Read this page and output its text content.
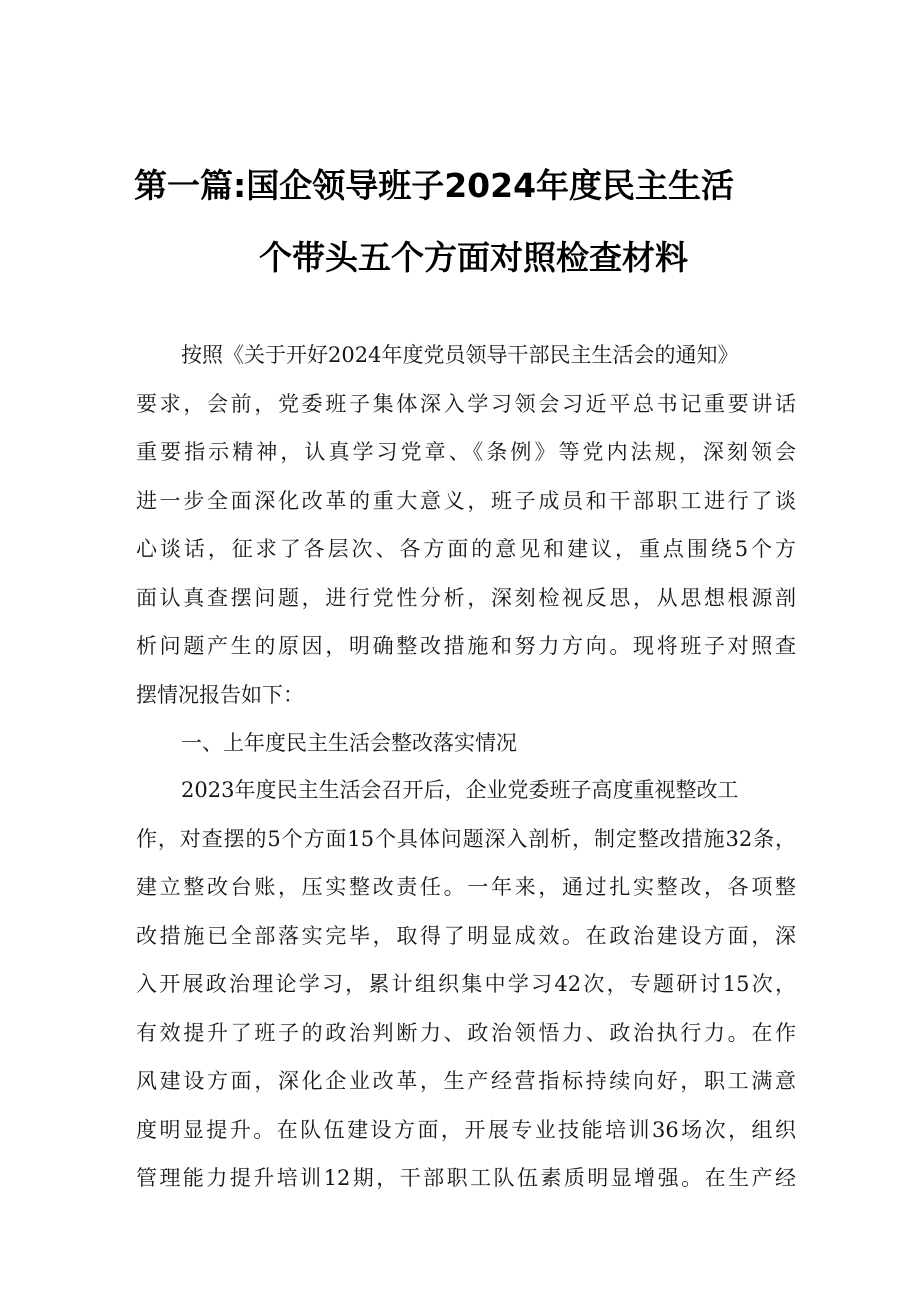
第一篇:国企领导班子2024年度民主生活
个带头五个方面对照检查材料
按照《关于开好2024年度党员领导干部民主生活会的通知》
要求，会前，党委班子集体深入学习领会习近平总书记重要讲话
重要指示精神，认真学习党章、《条例》等党内法规，深刻领会
进一步全面深化改革的重大意义，班子成员和干部职工进行了谈
心谈话，征求了各层次、各方面的意见和建议，重点围绕5个方
面认真查摆问题，进行党性分析，深刻检视反思，从思想根源剖
析问题产生的原因，明确整改措施和努力方向。现将班子对照查
摆情况报告如下：
一、上年度民主生活会整改落实情况
2023年度民主生活会召开后，企业党委班子高度重视整改工
作，对查摆的5个方面15个具体问题深入剖析，制定整改措施32条，
建立整改台账，压实整改责任。一年来，通过扎实整改，各项整
改措施已全部落实完毕，取得了明显成效。在政治建设方面，深
入开展政治理论学习，累计组织集中学习42次，专题研讨15次，
有效提升了班子的政治判断力、政治领悟力、政治执行力。在作
风建设方面，深化企业改革，生产经营指标持续向好，职工满意
度明显提升。在队伍建设方面，开展专业技能培训36场次，组织
管理能力提升培训12期，干部职工队伍素质明显增强。在生产经
